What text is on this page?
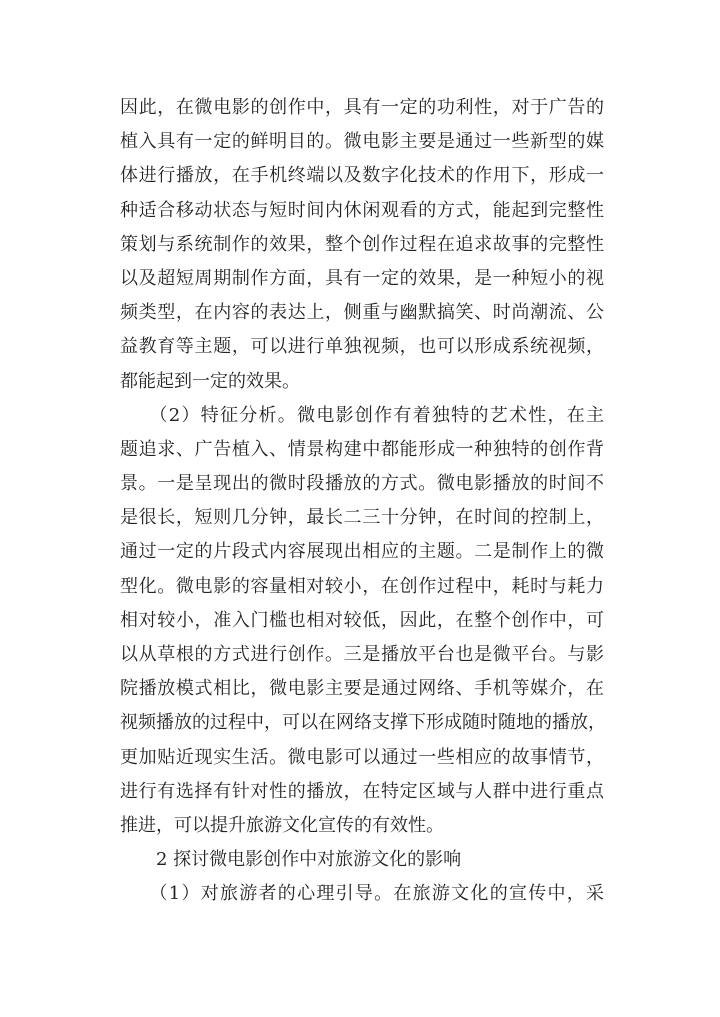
因此，在微电影的创作中，具有一定的功利性，对于广告的
植入具有一定的鲜明目的。微电影主要是通过一些新型的媒
体进行播放，在手机终端以及数字化技术的作用下，形成一
种适合移动状态与短时间内休闲观看的方式，能起到完整性
策划与系统制作的效果，整个创作过程在追求故事的完整性
以及超短周期制作方面，具有一定的效果，是一种短小的视
频类型，在内容的表达上，侧重与幽默搞笑、时尚潮流、公
益教育等主题，可以进行单独视频，也可以形成系统视频，
都能起到一定的效果。
　　（2）特征分析。微电影创作有着独特的艺术性，在主
题追求、广告植入、情景构建中都能形成一种独特的创作背
景。一是呈现出的微时段播放的方式。微电影播放的时间不
是很长，短则几分钟，最长二三十分钟，在时间的控制上，
通过一定的片段式内容展现出相应的主题。二是制作上的微
型化。微电影的容量相对较小，在创作过程中，耗时与耗力
相对较小，准入门槛也相对较低，因此，在整个创作中，可
以从草根的方式进行创作。三是播放平台也是微平台。与影
院播放模式相比，微电影主要是通过网络、手机等媒介，在
视频播放的过程中，可以在网络支撑下形成随时随地的播放，
更加贴近现实生活。微电影可以通过一些相应的故事情节，
进行有选择有针对性的播放，在特定区域与人群中进行重点
推进，可以提升旅游文化宣传的有效性。
　　2 探讨微电影创作中对旅游文化的影响
　　（1）对旅游者的心理引导。在旅游文化的宣传中，采
